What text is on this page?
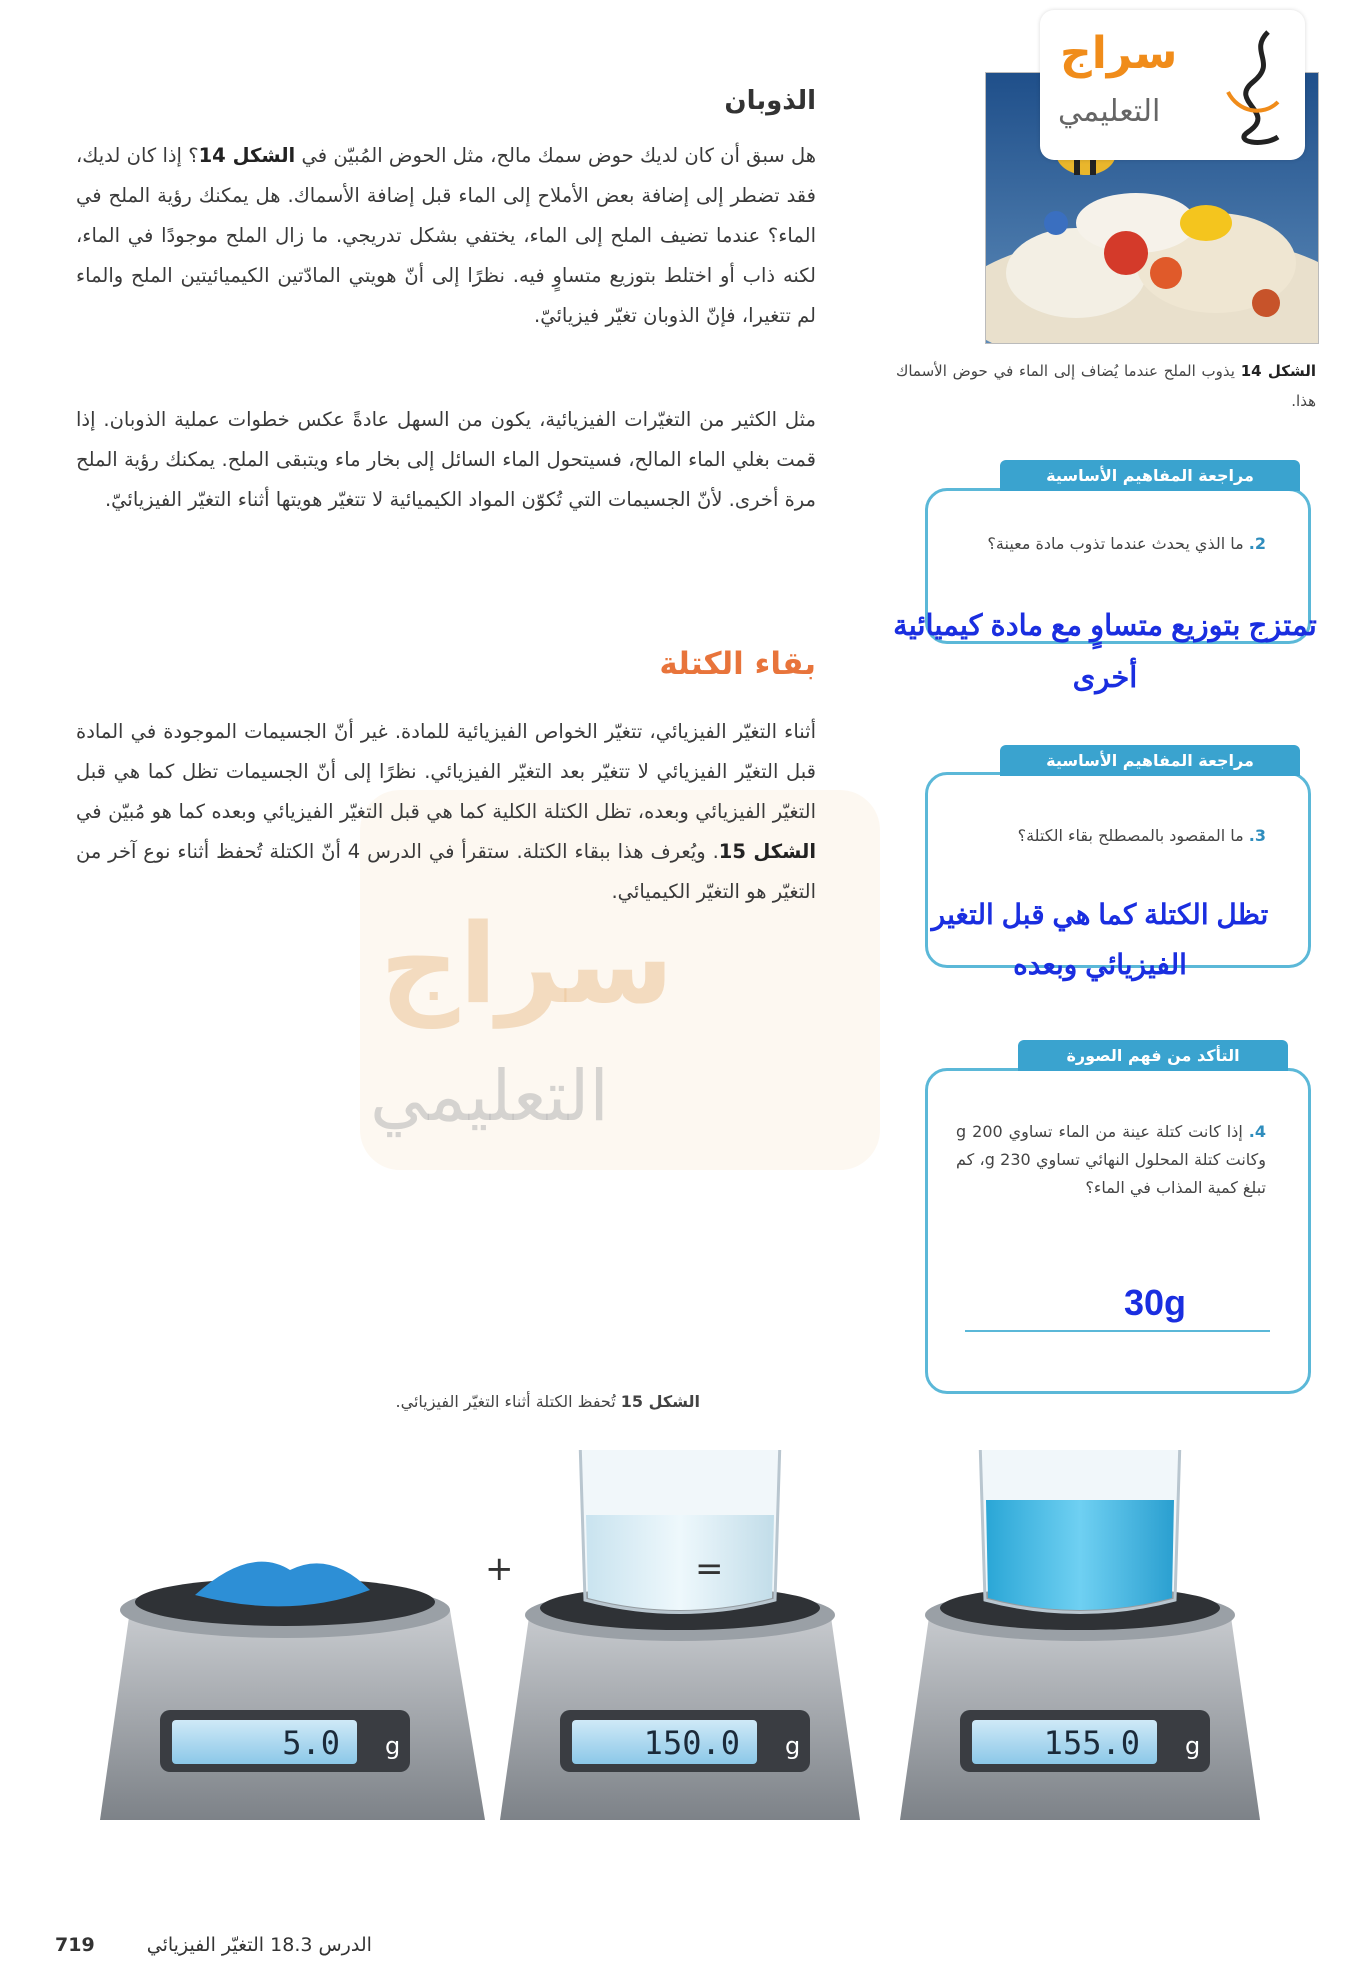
سراج
التعليمي
الذوبان
هل سبق أن كان لديك حوض سمك مالح، مثل الحوض المُبيّن في الشكل 14؟ إذا كان لديك، فقد تضطر إلى إضافة بعض الأملاح إلى الماء قبل إضافة الأسماك. هل يمكنك رؤية الملح في الماء؟ عندما تضيف الملح إلى الماء، يختفي بشكل تدريجي. ما زال الملح موجودًا في الماء، لكنه ذاب أو اختلط بتوزيع متساوٍ فيه. نظرًا إلى أنّ هويتي المادّتين الكيميائيتين الملح والماء لم تتغيرا، فإنّ الذوبان تغيّر فيزيائيّ.
مثل الكثير من التغيّرات الفيزيائية، يكون من السهل عادةً عكس خطوات عملية الذوبان. إذا قمت بغلي الماء المالح، فسيتحول الماء السائل إلى بخار ماء ويتبقى الملح. يمكنك رؤية الملح مرة أخرى. لأنّ الجسيمات التي تُكوّن المواد الكيميائية لا تتغيّر هويتها أثناء التغيّر الفيزيائيّ.
بقاء الكتلة
أثناء التغيّر الفيزيائي، تتغيّر الخواص الفيزيائية للمادة. غير أنّ الجسيمات الموجودة في المادة قبل التغيّر الفيزيائي لا تتغيّر بعد التغيّر الفيزيائي. نظرًا إلى أنّ الجسيمات تظل كما هي قبل التغيّر الفيزيائي وبعده، تظل الكتلة الكلية كما هي قبل التغيّر الفيزيائي وبعده كما هو مُبيّن في الشكل 15. ويُعرف هذا ببقاء الكتلة. ستقرأ في الدرس 4 أنّ الكتلة تُحفظ أثناء نوع آخر من التغيّر هو التغيّر الكيميائي.
الشكل 14 يذوب الملح عندما يُضاف إلى الماء في حوض الأسماك هذا.
سراج
التعليمي
مراجعة المفاهيم الأساسية
2. ما الذي يحدث عندما تذوب مادة معينة؟
تمتزج بتوزيع متساوٍ مع مادة كيميائية أخرى
مراجعة المفاهيم الأساسية
3. ما المقصود بالمصطلح بقاء الكتلة؟
تظل الكتلة كما هي قبل التغير الفيزيائي وبعده
التأكد من فهم الصورة
4. إذا كانت كتلة عينة من الماء تساوي 200 g وكانت كتلة المحلول النهائي تساوي 230 g، كم تبلغ كمية المذاب في الماء؟
30g
الشكل 15 تُحفظ الكتلة أثناء التغيّر الفيزيائي.
+	=
5.0 g	150.0 g	155.0 g
719	الدرس 18.3 التغيّر الفيزيائي
